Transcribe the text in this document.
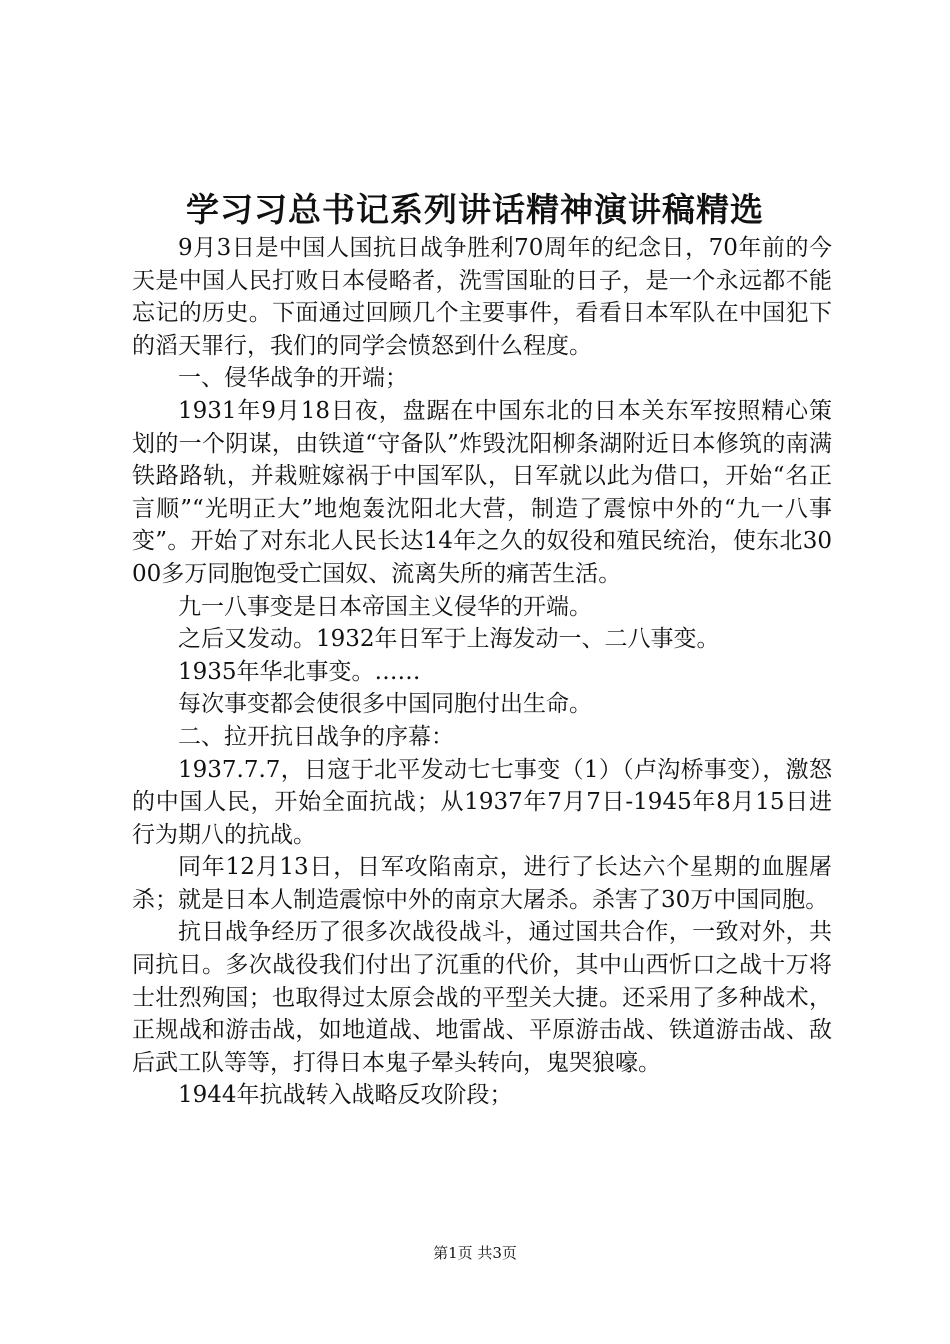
学习习总书记系列讲话精神演讲稿精选

9月3日是中国人国抗日战争胜利70周年的纪念日，70年前的今天是中国人民打败日本侵略者，洗雪国耻的日子，是一个永远都不能忘记的历史。下面通过回顾几个主要事件，看看日本军队在中国犯下的滔天罪行，我们的同学会愤怒到什么程度。

一、侵华战争的开端；

1931年9月18日夜，盘踞在中国东北的日本关东军按照精心策划的一个阴谋，由铁道“守备队”炸毁沈阳柳条湖附近日本修筑的南满铁路路轨，并栽赃嫁祸于中国军队，日军就以此为借口，开始“名正言顺”“光明正大”地炮轰沈阳北大营，制造了震惊中外的“九一八事变”。开始了对东北人民长达14年之久的奴役和殖民统治，使东北3000多万同胞饱受亡国奴、流离失所的痛苦生活。

九一八事变是日本帝国主义侵华的开端。

之后又发动。1932年日军于上海发动一、二八事变。

1935年华北事变。……

每次事变都会使很多中国同胞付出生命。

二、拉开抗日战争的序幕：

1937.7.7，日寇于北平发动七七事变（1）（卢沟桥事变），激怒的中国人民，开始全面抗战；从1937年7月7日-1945年8月15日进行为期八的抗战。

同年12月13日，日军攻陷南京，进行了长达六个星期的血腥屠杀；就是日本人制造震惊中外的南京大屠杀。杀害了30万中国同胞。

抗日战争经历了很多次战役战斗，通过国共合作，一致对外，共同抗日。多次战役我们付出了沉重的代价，其中山西忻口之战十万将士壮烈殉国；也取得过太原会战的平型关大捷。还采用了多种战术，正规战和游击战，如地道战、地雷战、平原游击战、铁道游击战、敌后武工队等等，打得日本鬼子晕头转向，鬼哭狼嚎。

1944年抗战转入战略反攻阶段；

第1页 共3页
